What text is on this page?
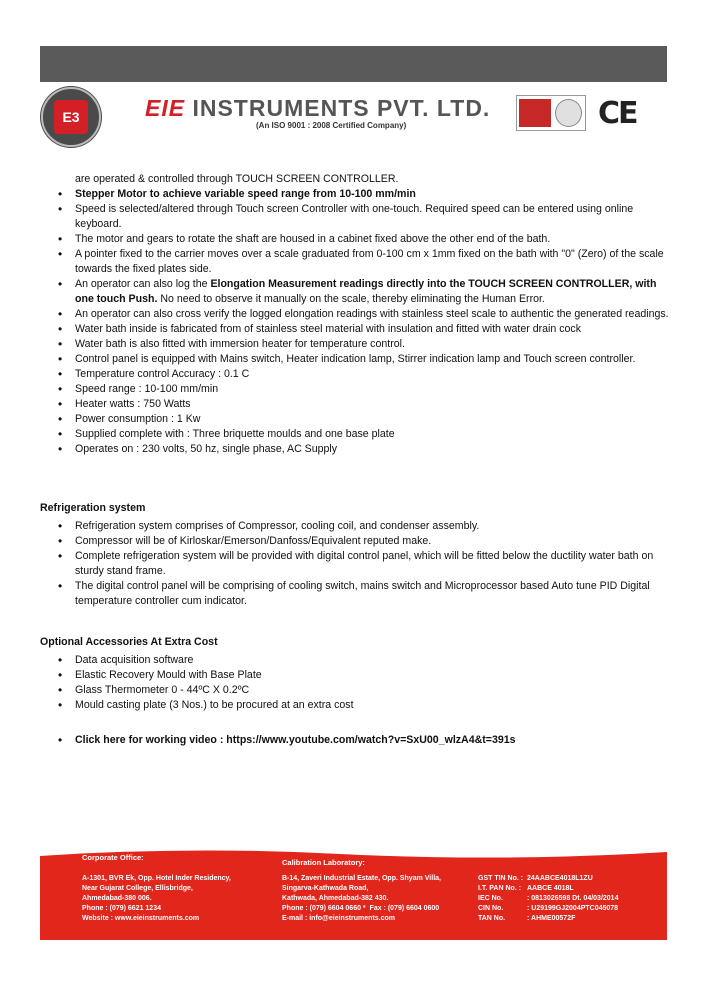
E3	EIE INSTRUMENTS PVT. LTD.
(An ISO 9001 : 2008 Certified Company)	CE
are operated & controlled through TOUCH SCREEN CONTROLLER.
• Stepper Motor to achieve variable speed range from 10-100 mm/min
• Speed is selected/altered through Touch screen Controller with one-touch. Required speed can be entered using online keyboard.
• The motor and gears to rotate the shaft are housed in a cabinet fixed above the other end of the bath.
• A pointer fixed to the carrier moves over a scale graduated from 0-100 cm x 1mm fixed on the bath with "0" (Zero) of the scale towards the fixed plates side.
• An operator can also log the Elongation Measurement readings directly into the TOUCH SCREEN CONTROLLER, with one touch Push. No need to observe it manually on the scale, thereby eliminating the Human Error.
• An operator can also cross verify the logged elongation readings with stainless steel scale to authentic the generated readings.
• Water bath inside is fabricated from of stainless steel material with insulation and fitted with water drain cock
• Water bath is also fitted with immersion heater for temperature control.
• Control panel is equipped with Mains switch, Heater indication lamp, Stirrer indication lamp and Touch screen controller.
• Temperature control Accuracy : 0.1 C
• Speed range : 10-100 mm/min
• Heater watts : 750 Watts
• Power consumption : 1 Kw
• Supplied complete with : Three briquette moulds and one base plate
• Operates on : 230 volts, 50 hz, single phase, AC Supply
Refrigeration system
• Refrigeration system comprises of Compressor, cooling coil, and condenser assembly.
• Compressor will be of Kirloskar/Emerson/Danfoss/Equivalent reputed make.
• Complete refrigeration system will be provided with digital control panel, which will be fitted below the ductility water bath on sturdy stand frame.
• The digital control panel will be comprising of cooling switch, mains switch and Microprocessor based Auto tune PID Digital temperature controller cum indicator.
Optional Accessories At Extra Cost
• Data acquisition software
• Elastic Recovery Mould with Base Plate
• Glass Thermometer 0 - 44ºC X 0.2ºC
• Mould casting plate (3 Nos.) to be procured at an extra cost
• Click here for working video : https://www.youtube.com/watch?v=SxU00_wlzA4&t=391s
Corporate Office:
A-1301, BVR Ek, Opp. Hotel Inder Residency,
Near Gujarat College, Ellisbridge,
Ahmedabad-380 006.
Phone : (079) 6621 1234
Website : www.eieinstruments.com
Calibration Laboratory:
B-14, Zaveri Industrial Estate, Opp. Shyam Villa,
Singarva-Kathwada Road,
Kathwada, Ahmedabad-382 430.
Phone : (079) 6604 0660 *  Fax : (079) 6604 0600
E-mail : info@eieinstruments.com
GST TIN No. :
I.T. PAN No. :
IEC No.
CIN No.
TAN No.
24AABCE4018L1ZU
AABCE 4018L
: 0813026598 Dt. 04/03/2014
: U29199GJ2004PTC045078
: AHME00572F
